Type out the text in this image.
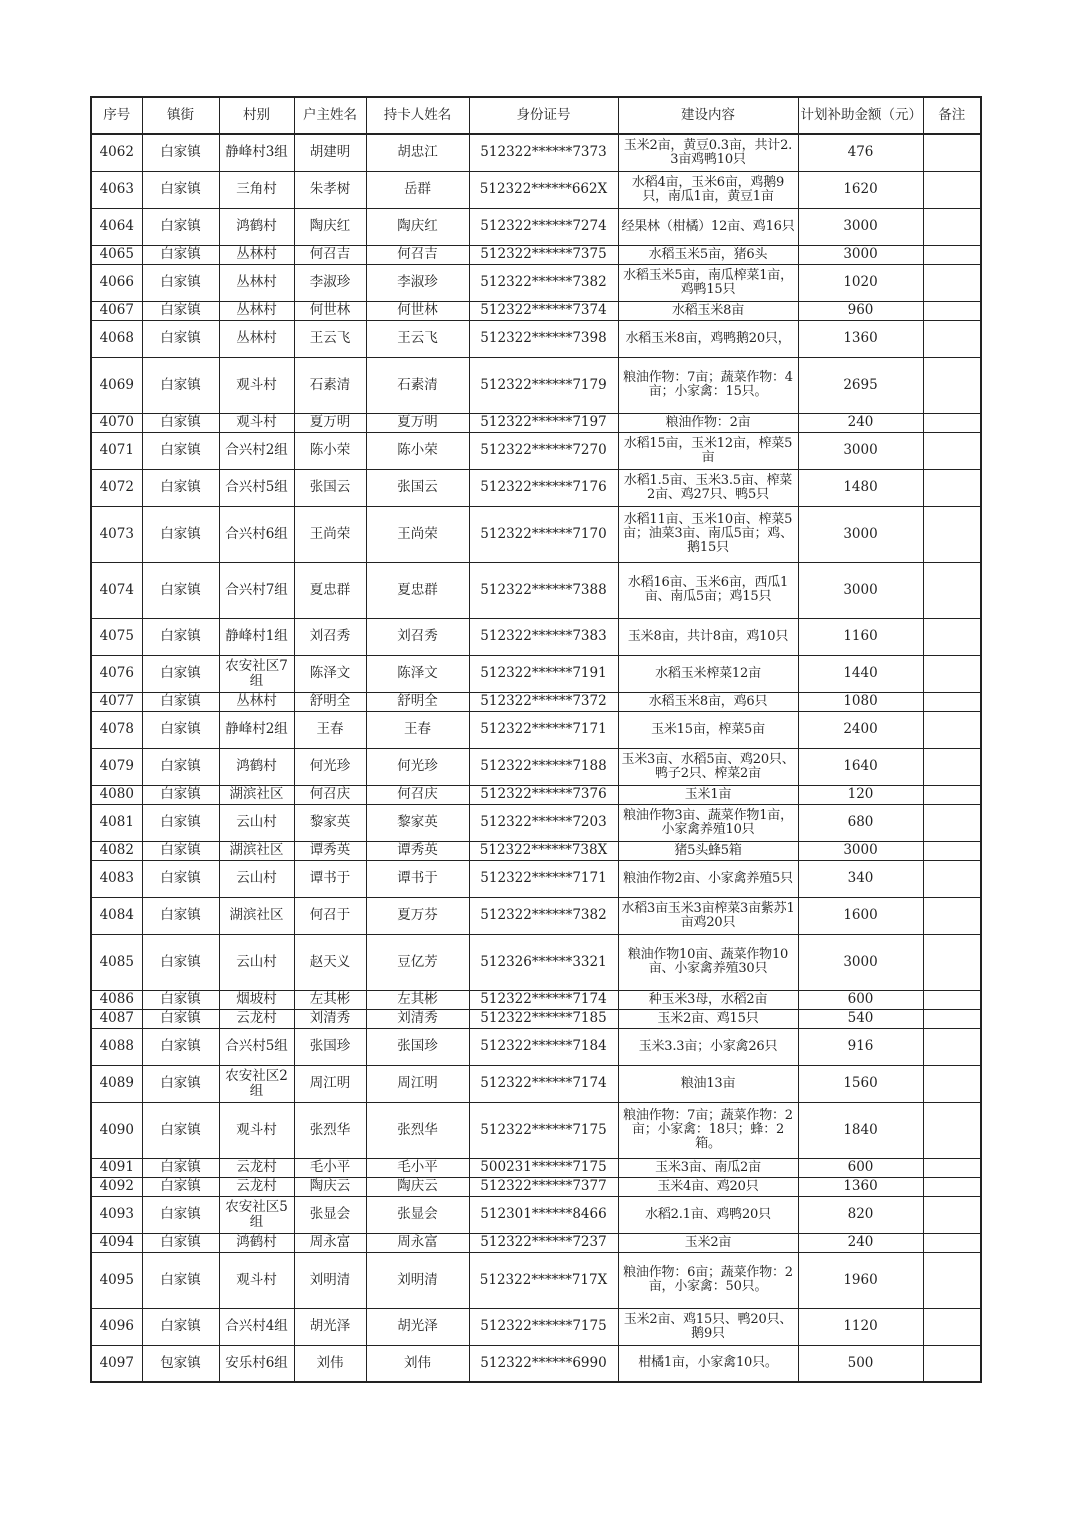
序号	镇街	村别	户主姓名	持卡人姓名	身份证号	建设内容	计划补助金额（元）	备注
4062	白家镇	静峰村3组	胡建明	胡忠江	512322******7373	玉米2亩，黄豆0.3亩，共计2.3亩鸡鸭10只	476	
4063	白家镇	三角村	朱孝树	岳群	512322******662X	水稻4亩，玉米6亩，鸡鹅9只，南瓜1亩，黄豆1亩	1620	
4064	白家镇	鸿鹤村	陶庆红	陶庆红	512322******7274	经果林（柑橘）12亩、鸡16只	3000	
4065	白家镇	丛林村	何召吉	何召吉	512322******7375	水稻玉米5亩，猪6头	3000	
4066	白家镇	丛林村	李淑珍	李淑珍	512322******7382	水稻玉米5亩，南瓜榨菜1亩，鸡鸭15只	1020	
4067	白家镇	丛林村	何世林	何世林	512322******7374	水稻玉米8亩	960	
4068	白家镇	丛林村	王云飞	王云飞	512322******7398	水稻玉米8亩，鸡鸭鹅20只，	1360	
4069	白家镇	观斗村	石素清	石素清	512322******7179	粮油作物：7亩；蔬菜作物：4亩；小家禽：15只。	2695	
4070	白家镇	观斗村	夏万明	夏万明	512322******7197	粮油作物：2亩	240	
4071	白家镇	合兴村2组	陈小荣	陈小荣	512322******7270	水稻15亩，玉米12亩，榨菜5亩	3000	
4072	白家镇	合兴村5组	张国云	张国云	512322******7176	水稻1.5亩、玉米3.5亩、榨菜2亩、鸡27只、鸭5只	1480	
4073	白家镇	合兴村6组	王尚荣	王尚荣	512322******7170	水稻11亩、玉米10亩、榨菜5亩；油菜3亩、南瓜5亩；鸡、鹅15只	3000	
4074	白家镇	合兴村7组	夏忠群	夏忠群	512322******7388	水稻16亩、玉米6亩，西瓜1亩、南瓜5亩；鸡15只	3000	
4075	白家镇	静峰村1组	刘召秀	刘召秀	512322******7383	玉米8亩，共计8亩，鸡10只	1160	
4076	白家镇	农安社区7组	陈泽文	陈泽文	512322******7191	水稻玉米榨菜12亩	1440	
4077	白家镇	丛林村	舒明全	舒明全	512322******7372	水稻玉米8亩，鸡6只	1080	
4078	白家镇	静峰村2组	王春	王春	512322******7171	玉米15亩，榨菜5亩	2400	
4079	白家镇	鸿鹤村	何光珍	何光珍	512322******7188	玉米3亩、水稻5亩、鸡20只、鸭子2只、榨菜2亩	1640	
4080	白家镇	湖滨社区	何召庆	何召庆	512322******7376	玉米1亩	120	
4081	白家镇	云山村	黎家英	黎家英	512322******7203	粮油作物3亩、蔬菜作物1亩，小家禽养殖10只	680	
4082	白家镇	湖滨社区	谭秀英	谭秀英	512322******738X	猪5头蜂5箱	3000	
4083	白家镇	云山村	谭书于	谭书于	512322******7171	粮油作物2亩、小家禽养殖5只	340	
4084	白家镇	湖滨社区	何召于	夏万芬	512322******7382	水稻3亩玉米3亩榨菜3亩紫苏1亩鸡20只	1600	
4085	白家镇	云山村	赵天义	豆亿芳	512326******3321	粮油作物10亩、蔬菜作物10亩、小家禽养殖30只	3000	
4086	白家镇	烟坡村	左其彬	左其彬	512322******7174	种玉米3母，水稻2亩	600	
4087	白家镇	云龙村	刘清秀	刘清秀	512322******7185	玉米2亩、鸡15只	540	
4088	白家镇	合兴村5组	张国珍	张国珍	512322******7184	玉米3.3亩；小家禽26只	916	
4089	白家镇	农安社区2组	周江明	周江明	512322******7174	粮油13亩	1560	
4090	白家镇	观斗村	张烈华	张烈华	512322******7175	粮油作物：7亩；蔬菜作物：2亩；小家禽：18只；蜂：2箱。	1840	
4091	白家镇	云龙村	毛小平	毛小平	500231******7175	玉米3亩、南瓜2亩	600	
4092	白家镇	云龙村	陶庆云	陶庆云	512322******7377	玉米4亩、鸡20只	1360	
4093	白家镇	农安社区5组	张显会	张显会	512301******8466	水稻2.1亩、鸡鸭20只	820	
4094	白家镇	鸿鹤村	周永富	周永富	512322******7237	玉米2亩	240	
4095	白家镇	观斗村	刘明清	刘明清	512322******717X	粮油作物：6亩；蔬菜作物：2亩，小家禽：50只。	1960	
4096	白家镇	合兴村4组	胡光泽	胡光泽	512322******7175	玉米2亩、鸡15只、鸭20只、鹅9只	1120	
4097	包家镇	安乐村6组	刘伟	刘伟	512322******6990	柑橘1亩，小家禽10只。	500	
